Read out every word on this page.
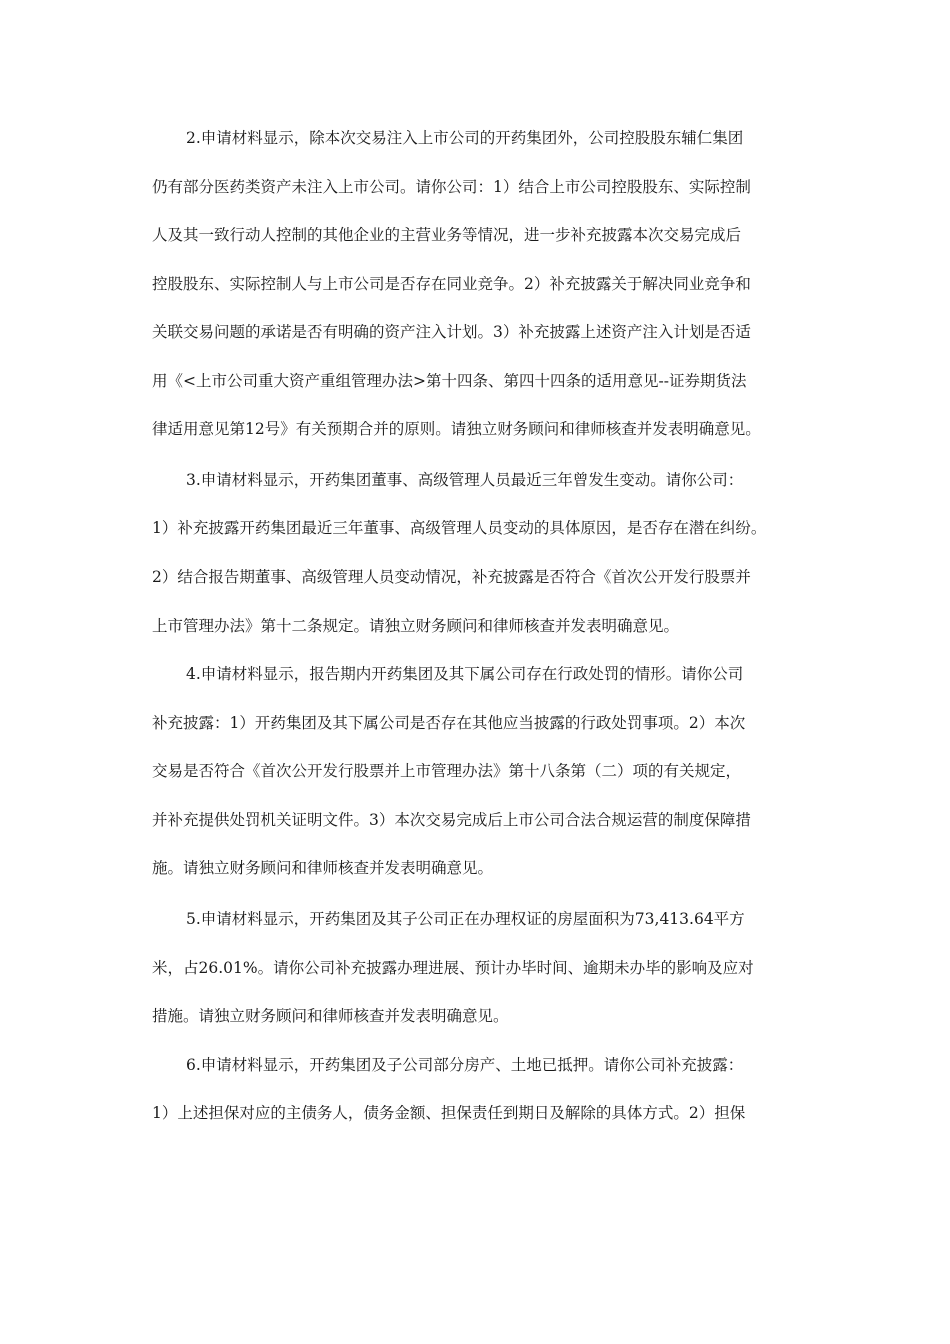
2.申请材料显示，除本次交易注入上市公司的开药集团外，公司控股股东辅仁集团
仍有部分医药类资产未注入上市公司。请你公司：1）结合上市公司控股股东、实际控制
人及其一致行动人控制的其他企业的主营业务等情况，进一步补充披露本次交易完成后
控股股东、实际控制人与上市公司是否存在同业竞争。2）补充披露关于解决同业竞争和
关联交易问题的承诺是否有明确的资产注入计划。3）补充披露上述资产注入计划是否适
用《<上市公司重大资产重组管理办法>第十四条、第四十四条的适用意见--证券期货法
律适用意见第12号》有关预期合并的原则。请独立财务顾问和律师核查并发表明确意见。
3.申请材料显示，开药集团董事、高级管理人员最近三年曾发生变动。请你公司：
1）补充披露开药集团最近三年董事、高级管理人员变动的具体原因，是否存在潜在纠纷。
2）结合报告期董事、高级管理人员变动情况，补充披露是否符合《首次公开发行股票并
上市管理办法》第十二条规定。请独立财务顾问和律师核查并发表明确意见。
4.申请材料显示，报告期内开药集团及其下属公司存在行政处罚的情形。请你公司
补充披露：1）开药集团及其下属公司是否存在其他应当披露的行政处罚事项。2）本次
交易是否符合《首次公开发行股票并上市管理办法》第十八条第（二）项的有关规定，
并补充提供处罚机关证明文件。3）本次交易完成后上市公司合法合规运营的制度保障措
施。请独立财务顾问和律师核查并发表明确意见。
5.申请材料显示，开药集团及其子公司正在办理权证的房屋面积为73,413.64平方
米，占26.01%。请你公司补充披露办理进展、预计办毕时间、逾期未办毕的影响及应对
措施。请独立财务顾问和律师核查并发表明确意见。
6.申请材料显示，开药集团及子公司部分房产、土地已抵押。请你公司补充披露：
1）上述担保对应的主债务人，债务金额、担保责任到期日及解除的具体方式。2）担保
